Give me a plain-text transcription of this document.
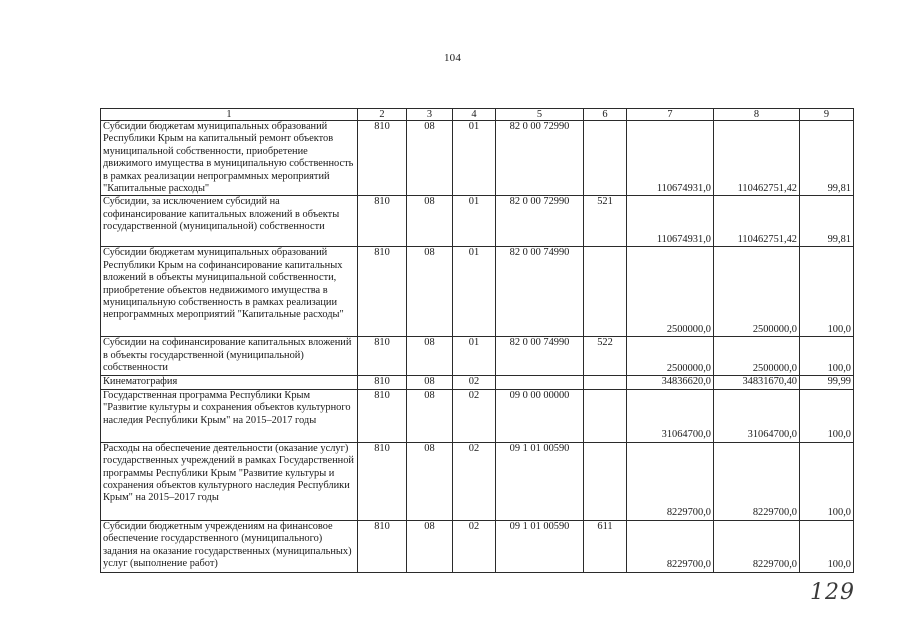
104
1	2	3	4	5	6	7	8	9
Субсидии бюджетам муниципальных образований Республики Крым на капитальный ремонт объектов муниципальной собственности, приобретение движимого имущества в муниципальную собственность в рамках реализации непрограммных мероприятий "Капитальные расходы"	810	08	01	82 0 00 72990		110674931,0	110462751,42	99,81
Субсидии, за исключением субсидий на софинансирование капитальных вложений в объекты государственной (муниципальной) собственности	810	08	01	82 0 00 72990	521	110674931,0	110462751,42	99,81
Субсидии бюджетам муниципальных образований Республики Крым на софинансирование капитальных вложений в объекты муниципальной собственности, приобретение объектов недвижимого имущества в муниципальную собственность в рамках реализации непрограммных мероприятий "Капитальные расходы"	810	08	01	82 0 00 74990		2500000,0	2500000,0	100,0
Субсидии на софинансирование капитальных вложений в объекты государственной (муниципальной) собственности	810	08	01	82 0 00 74990	522	2500000,0	2500000,0	100,0
Кинематография	810	08	02			34836620,0	34831670,40	99,99
Государственная программа Республики Крым "Развитие культуры и сохранения объектов культурного наследия Республики Крым" на 2015–2017 годы	810	08	02	09 0 00 00000		31064700,0	31064700,0	100,0
Расходы на обеспечение деятельности (оказание услуг) государственных учреждений в рамках Государственной программы Республики Крым "Развитие культуры и сохранения объектов культурного наследия Республики Крым" на 2015–2017 годы	810	08	02	09 1 01 00590		8229700,0	8229700,0	100,0
Субсидии бюджетным учреждениям на финансовое обеспечение государственного (муниципального) задания на оказание государственных (муниципальных) услуг (выполнение работ)	810	08	02	09 1 01 00590	611	8229700,0	8229700,0	100,0
129
